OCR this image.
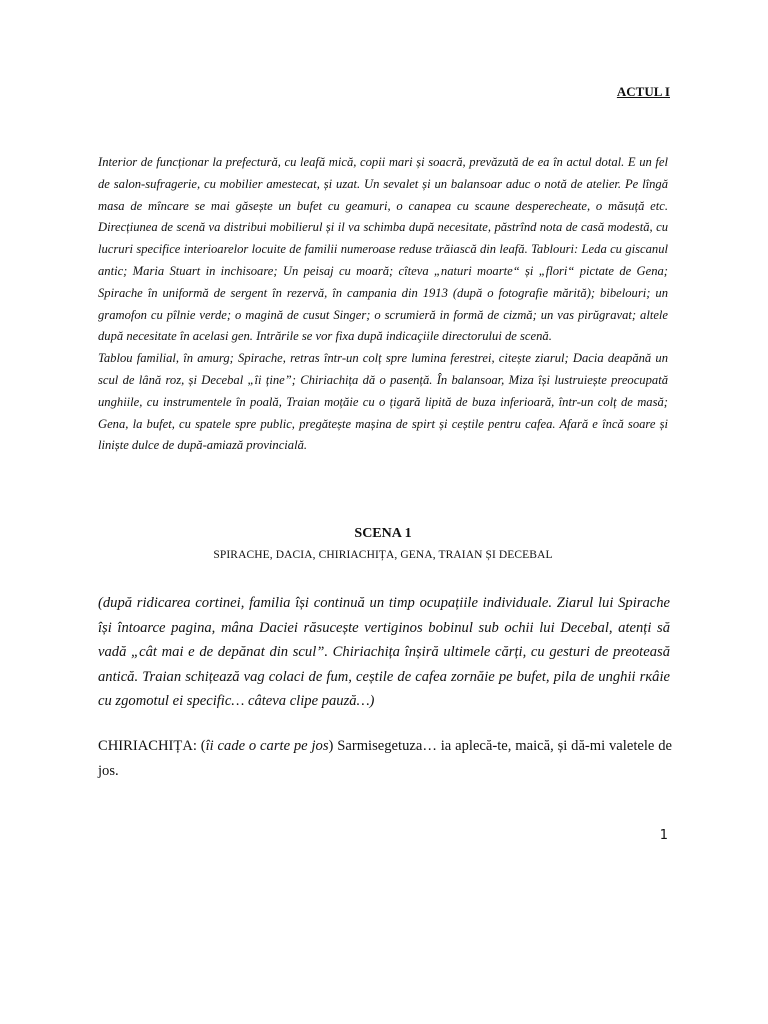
ACTUL I

Interior de funcționar la prefectură, cu leafă mică, copii mari și soacră, prevăzută de ea în actul dotal. E un fel de salon-sufragerie, cu mobilier amestecat, și uzat. Un sevalet și un balansoar aduc o notă de atelier. Pe lîngă masa de mîncare se mai găsește un bufet cu geamuri, o canapea cu scaune desperecheate, o măsuță etc. Direcțiunea de scenă va distribui mobilierul și il va schimba după necesitate, păstrînd nota de casă modestă, cu lucruri specifice interioarelor locuite de familii numeroase reduse trăiască din leafă. Tablouri: Leda cu giscanul antic; Maria Stuart in inchisoare; Un peisaj cu moară; cîteva „naturi moarte“ și „flori“ pictate de Gena; Spirache în uniformă de sergent în rezervă, în campania din 1913 (după o fotografie mărită); bibelouri; un gramofon cu pîlnie verde; o magină de cusut Singer; o scrumieră in formă de cizmă; un vas pirŭgravat; altele după necesitate în acelasi gen. Intrările se vor fixa după indicaçiile directorului de scenă.

Tablou familial, în amurg; Spirache, retras într-un colț spre lumina ferestrei, citește ziarul; Dacia deapănă un scul de lână roz, și Decebal „îi ține”; Chiriachița dă o pasență. În balansoar, Miza își lustruiește preocupată unghiile, cu instrumentele în poală, Traian moțăie cu o țigară lipită de buza inferioară, într-un colț de masă; Gena, la bufet, cu spatele spre public, pregătește mașina de spirt și ceștile pentru cafea. Afară e încă soare și liniște dulce de după-amiază provincială.

SCENA 1
SPIRACHE, DACIA, CHIRIACHIȚA, GENA, TRAIAN ȘI DECEBAL

(după ridicarea cortinei, familia își continuă un timp ocupațiile individuale. Ziarul lui Spirache își întoarce pagina, mâna Daciei răsucește vertiginos bobinul sub ochii lui Decebal, atenți să vadă „cât mai e de depănat din scul”. Chiriachița înșiră ultimele cărți, cu gesturi de preoteasă antică. Traian schițează vag colaci de fum, ceștile de cafea zornăie pe bufet, pila de unghii rкâie cu zgomotul ei specific… câteva clipe pauză…)

CHIRIACHIȚA: (îi cade o carte pe jos) Sarmisegetuza… ia aplecă-te, maică, și dă-mi valetele de jos.

1
